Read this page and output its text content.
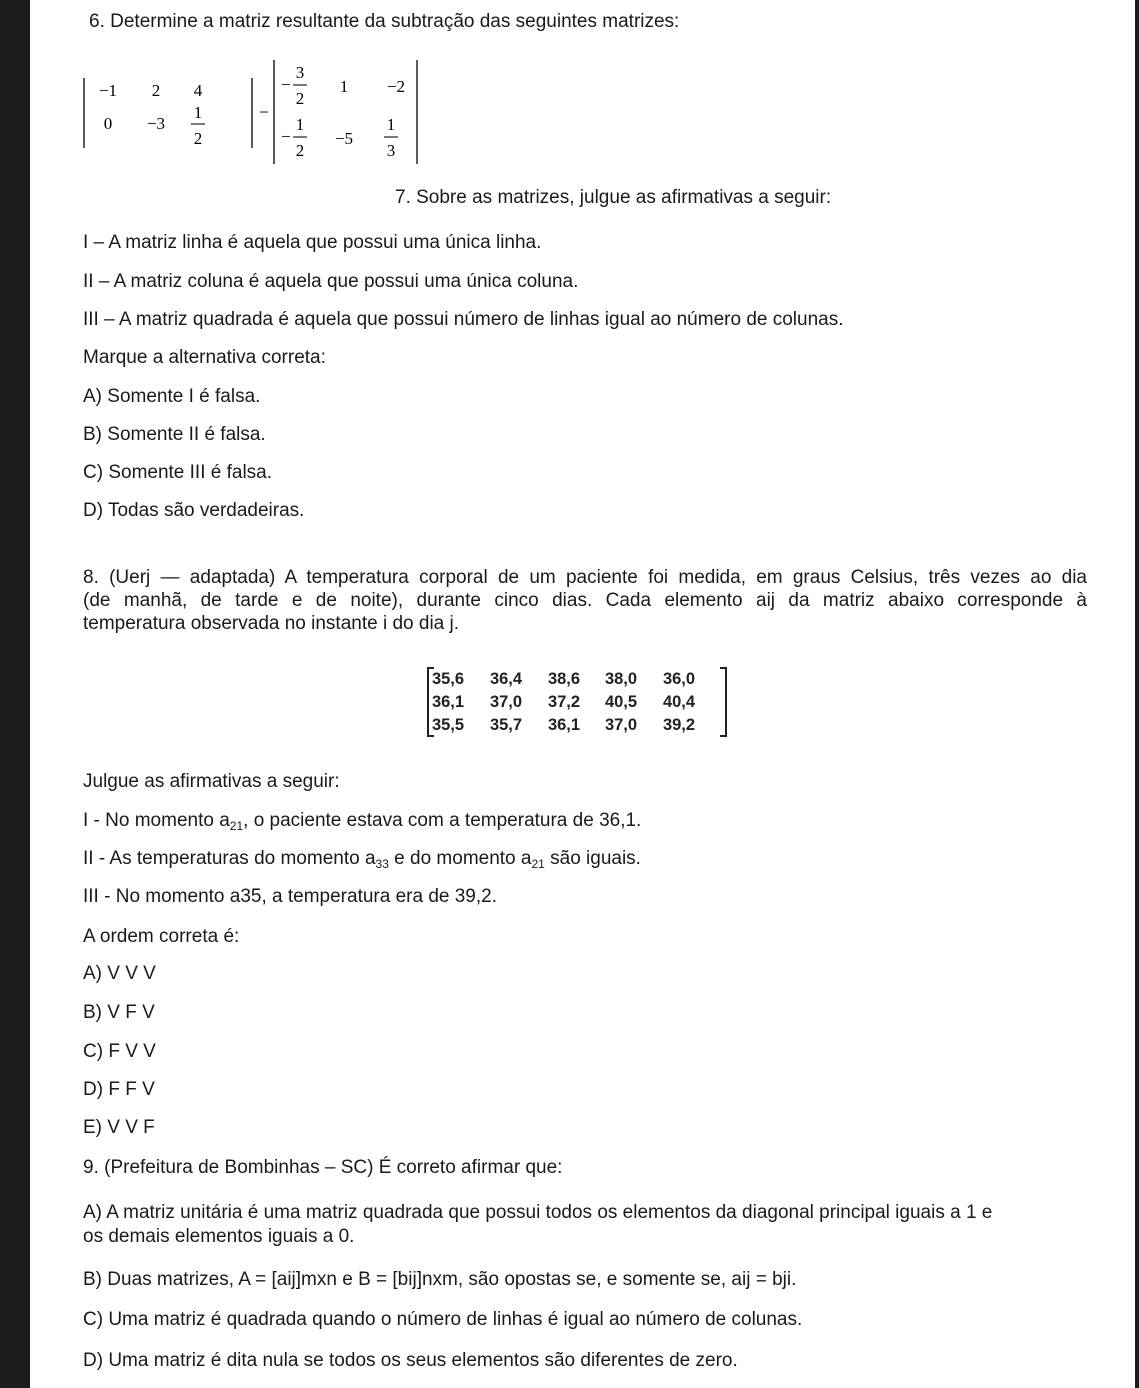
6. Determine a matriz resultante da subtração das seguintes matrizes:
−1 2 4
0 −3
1
2
−
−
3
2
1 −2
−
1
2
−5
1
3
7. Sobre as matrizes, julgue as afirmativas a seguir:
I – A matriz linha é aquela que possui uma única linha.
II – A matriz coluna é aquela que possui uma única coluna.
III – A matriz quadrada é aquela que possui número de linhas igual ao número de colunas.
Marque a alternativa correta:
A) Somente I é falsa.
B) Somente II é falsa.
C) Somente III é falsa.
D) Todas são verdadeiras.
8. (Uerj — adaptada) A temperatura corporal de um paciente foi medida, em graus Celsius, três vezes ao dia
(de manhã, de tarde e de noite), durante cinco dias. Cada elemento aij da matriz abaixo corresponde à
temperatura observada no instante i do dia j.
35,6 36,4 38,6 38,0 36,0
36,1 37,0 37,2 40,5 40,4
35,5 35,7 36,1 37,0 39,2
Julgue as afirmativas a seguir:
I - No momento $a_{21}$, o paciente estava com a temperatura de 36,1.
II - As temperaturas do momento $a_{33}$ e do momento $a_{21}$ são iguais.
III - No momento a35, a temperatura era de 39,2.
A ordem correta é:
A) V V V
B) V F V
C) F V V
D) F F V
E) V V F
9. (Prefeitura de Bombinhas – SC) É correto afirmar que:
A) A matriz unitária é uma matriz quadrada que possui todos os elementos da diagonal principal iguais a 1 e
os demais elementos iguais a 0.
B) Duas matrizes, A = [aij]mxn e B = [bij]nxm, são opostas se, e somente se, aij = bji.
C) Uma matriz é quadrada quando o número de linhas é igual ao número de colunas.
D) Uma matriz é dita nula se todos os seus elementos são diferentes de zero.
